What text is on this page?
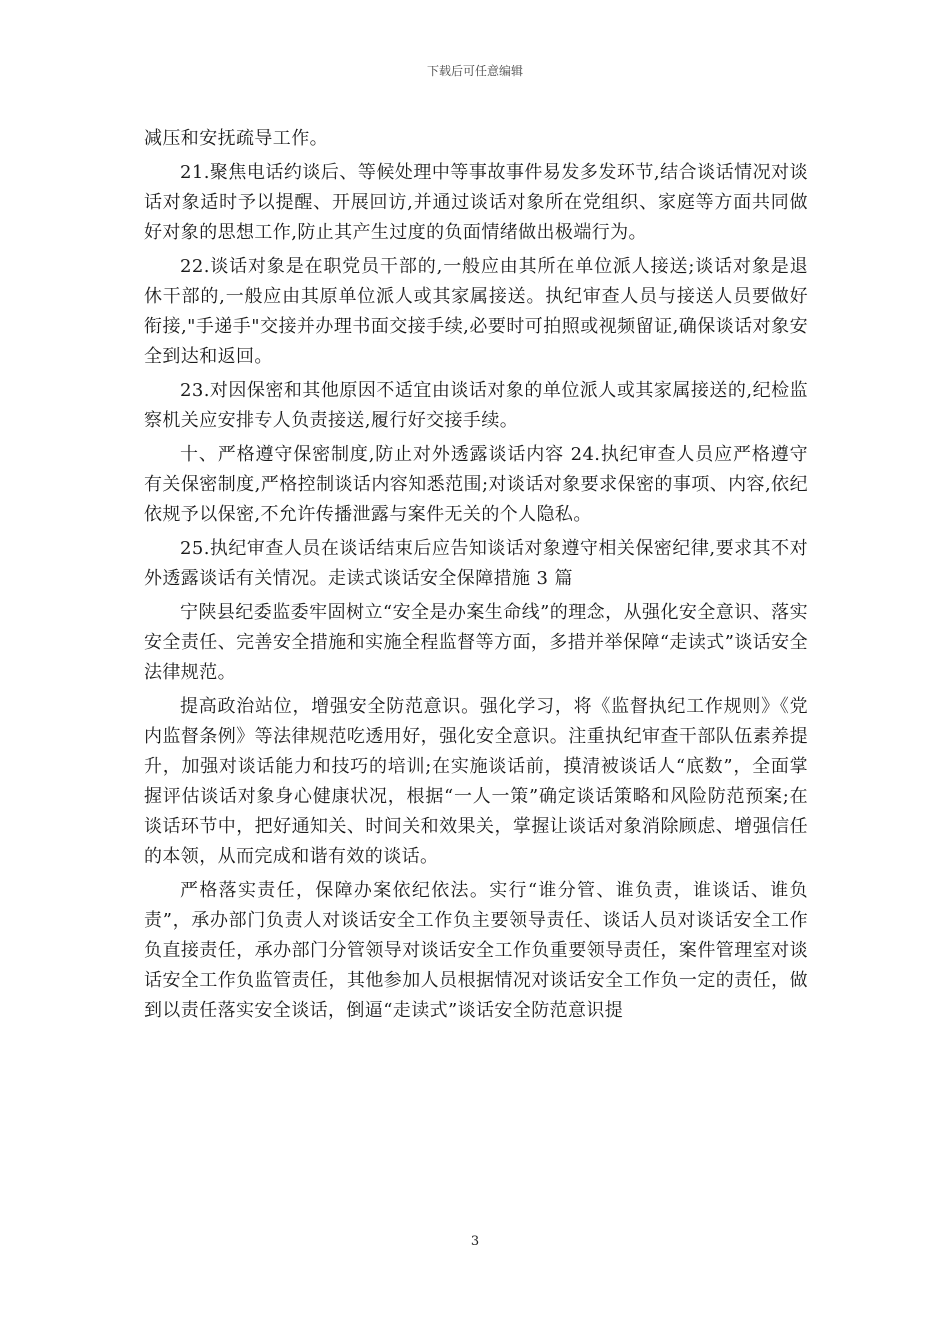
下载后可任意编辑

减压和安抚疏导工作。

21.聚焦电话约谈后、等候处理中等事故事件易发多发环节,结合谈话情况对谈话对象适时予以提醒、开展回访,并通过谈话对象所在党组织、家庭等方面共同做好对象的思想工作,防止其产生过度的负面情绪做出极端行为。

22.谈话对象是在职党员干部的,一般应由其所在单位派人接送;谈话对象是退休干部的,一般应由其原单位派人或其家属接送。执纪审查人员与接送人员要做好衔接,"手递手"交接并办理书面交接手续,必要时可拍照或视频留证,确保谈话对象安全到达和返回。

23.对因保密和其他原因不适宜由谈话对象的单位派人或其家属接送的,纪检监察机关应安排专人负责接送,履行好交接手续。

十、严格遵守保密制度,防止对外透露谈话内容 24.执纪审查人员应严格遵守有关保密制度,严格控制谈话内容知悉范围;对谈话对象要求保密的事项、内容,依纪依规予以保密,不允许传播泄露与案件无关的个人隐私。

25.执纪审查人员在谈话结束后应告知谈话对象遵守相关保密纪律,要求其不对外透露谈话有关情况。走读式谈话安全保障措施 3 篇

宁陕县纪委监委牢固树立“安全是办案生命线”的理念，从强化安全意识、落实安全责任、完善安全措施和实施全程监督等方面，多措并举保障“走读式”谈话安全法律规范。

提高政治站位，增强安全防范意识。强化学习，将《监督执纪工作规则》《党内监督条例》等法律规范吃透用好，强化安全意识。注重执纪审查干部队伍素养提升，加强对谈话能力和技巧的培训;在实施谈话前，摸清被谈话人“底数”，全面掌握评估谈话对象身心健康状况，根据“一人一策”确定谈话策略和风险防范预案;在谈话环节中，把好通知关、时间关和效果关，掌握让谈话对象消除顾虑、增强信任的本领，从而完成和谐有效的谈话。

严格落实责任，保障办案依纪依法。实行“谁分管、谁负责，谁谈话、谁负责”，承办部门负责人对谈话安全工作负主要领导责任、谈话人员对谈话安全工作负直接责任，承办部门分管领导对谈话安全工作负重要领导责任，案件管理室对谈话安全工作负监管责任，其他参加人员根据情况对谈话安全工作负一定的责任，做到以责任落实安全谈话，倒逼“走读式”谈话安全防范意识提

3
